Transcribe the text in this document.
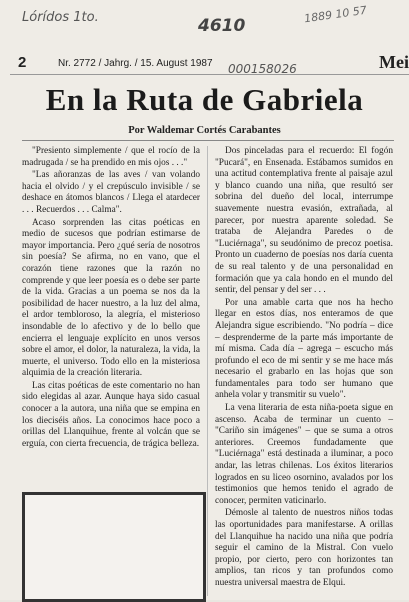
Lórídos 1to.	4610
1889 10 57
000158026
2	Nr. 2772 / Jahrg. / 15. August 1987	Mei
En la Ruta de Gabriela
Por Waldemar Cortés Carabantes

"Presiento simplemente / que el rocío de la madrugada / se ha prendido en mis ojos . . ."

"Las añoranzas de las aves / van volando hacia el olvido / y el crepúsculo invisible / se deshace en átomos blancos / Llega el atardecer . . . Recuerdos . . . Calma".

Acaso sorprenden las citas poéticas en medio de sucesos que podrían estimarse de mayor importancia. Pero ¿qué sería de nosotros sin poesía? Se afirma, no en vano, que el corazón tiene razones que la razón no comprende y que leer poesía es o debe ser parte de la vida. Gracias a un poema se nos da la posibilidad de hacer nuestro, a la luz del alma, el ardor tembloroso, la alegría, el misterioso insondable de lo afectivo y de lo bello que encierra el lenguaje explícito en unos versos sobre el amor, el dolor, la naturaleza, la vida, la muerte, el universo. Todo ello en la misteriosa alquimia de la creación literaria.

Las citas poéticas de este comentario no han sido elegidas al azar. Aunque haya sido casual conocer a la autora, una niña que se empina en los dieciséis años. La conocimos hace poco a orillas del Llanquihue, frente al volcán que se erguía, con cierta frecuencia, de trágica belleza.

Dos pinceladas para el recuerdo: El fogón "Pucará", en Ensenada. Estábamos sumidos en una actitud contemplativa frente al paisaje azul y blanco cuando una niña, que resultó ser sobrina del dueño del local, interrumpe suavemente nuestra evasión, extrañada, al parecer, por nuestra aparente soledad. Se trataba de Alejandra Paredes o de "Luciérnaga", su seudónimo de precoz poetisa. Pronto un cuaderno de poesías nos daría cuenta de su real talento y de una personalidad en formación que ya cala hondo en el mundo del sentir, del pensar y del ser . . .

Por una amable carta que nos ha hecho llegar en estos días, nos enteramos de que Alejandra sigue escribiendo. "No podría – dice – desprenderme de la parte más importante de mí misma. Cada día – agrega – escucho más profundo el eco de mi sentir y se me hace más necesario el grabarlo en las hojas que son fundamentales para todo ser humano que anhela volar y transmitir su vuelo".

La vena literaria de esta niña-poeta sigue en ascenso. Acaba de terminar un cuento – "Cariño sin imágenes" – que se suma a otros anteriores. Creemos fundadamente que "Luciérnaga" está destinada a iluminar, a poco andar, las letras chilenas. Los éxitos literarios logrados en su liceo osornino, avalados por los testimonios que hemos tenido el agrado de conocer, permiten vaticinarlo.

Démosle al talento de nuestros niños todas las oportunidades para manifestarse. A orillas del Llanquihue ha nacido una niña que podría seguir el camino de la Mistral. Con vuelo propio, por cierto, pero con horizontes tan amplios, tan ricos y tan profundos como nuestra universal maestra de Elqui.
